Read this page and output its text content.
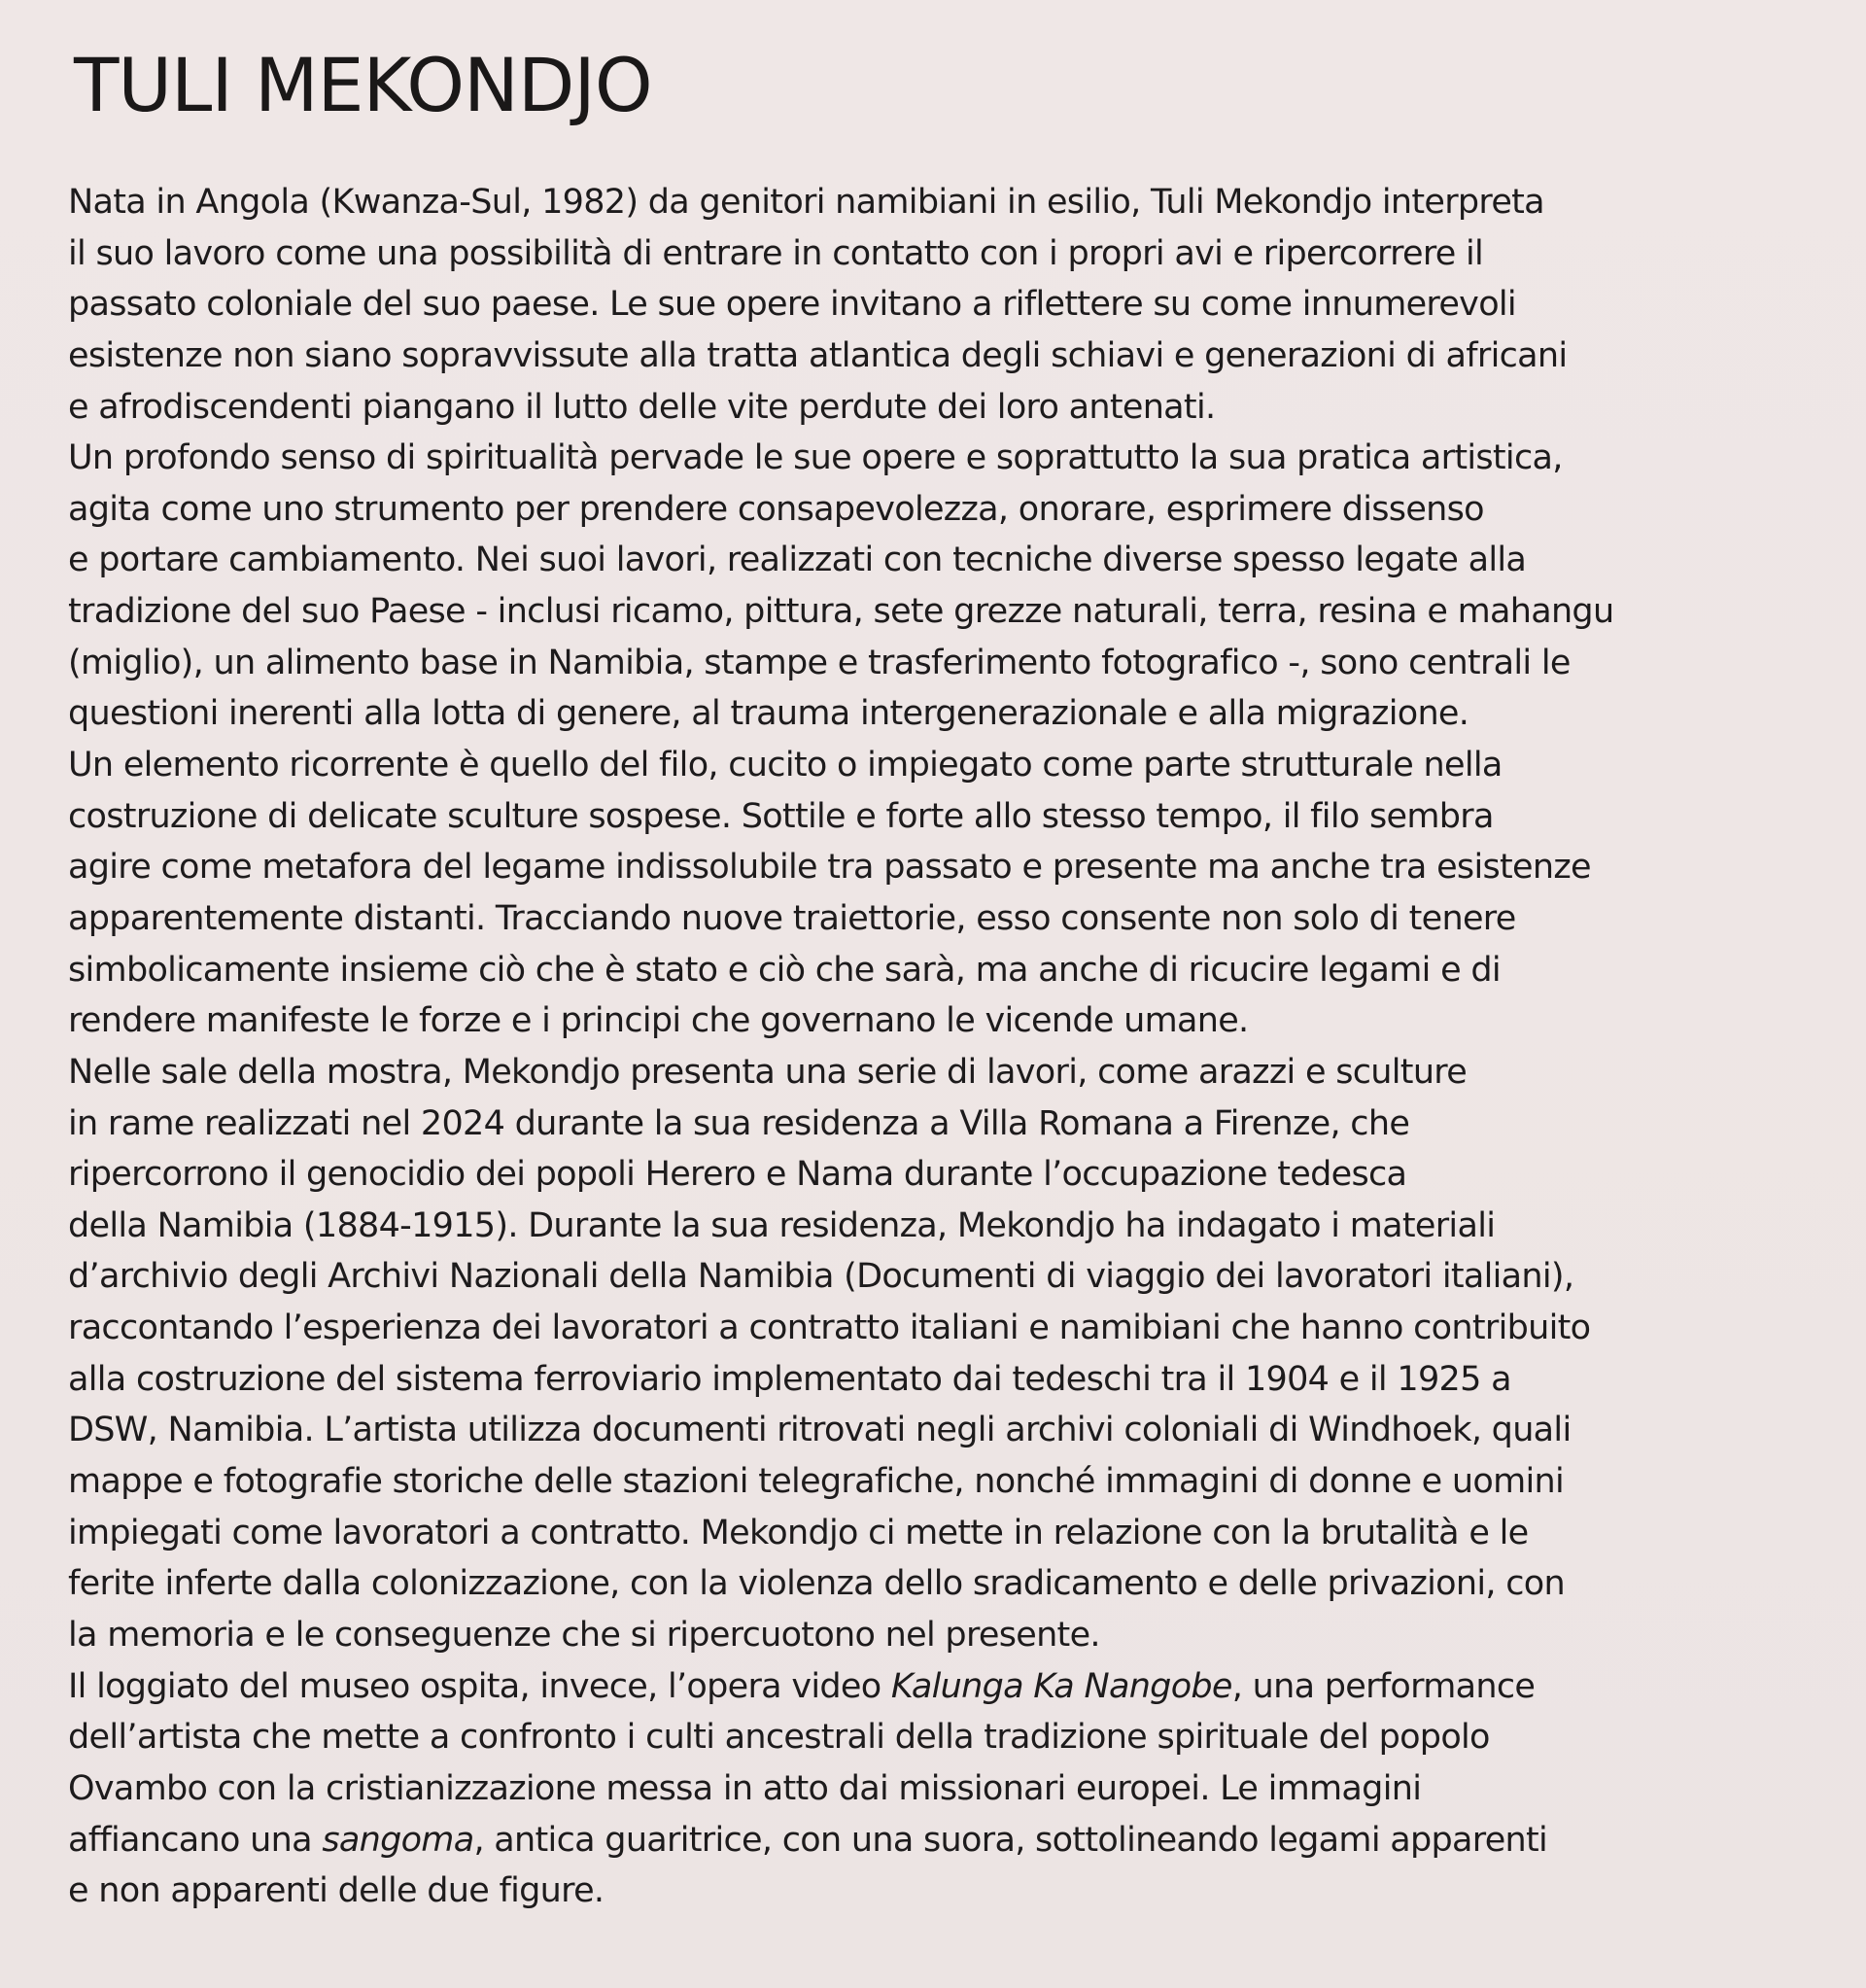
TULI MEKONDJO
Nata in Angola (Kwanza-Sul, 1982) da genitori namibiani in esilio, Tuli Mekondjo interpreta
il suo lavoro come una possibilità di entrare in contatto con i propri avi e ripercorrere il
passato coloniale del suo paese. Le sue opere invitano a riflettere su come innumerevoli
esistenze non siano sopravvissute alla tratta atlantica degli schiavi e generazioni di africani
e afrodiscendenti piangano il lutto delle vite perdute dei loro antenati.
Un profondo senso di spiritualità pervade le sue opere e soprattutto la sua pratica artistica,
agita come uno strumento per prendere consapevolezza, onorare, esprimere dissenso
e portare cambiamento. Nei suoi lavori, realizzati con tecniche diverse spesso legate alla
tradizione del suo Paese - inclusi ricamo, pittura, sete grezze naturali, terra, resina e mahangu
(miglio), un alimento base in Namibia, stampe e trasferimento fotografico -, sono centrali le
questioni inerenti alla lotta di genere, al trauma intergenerazionale e alla migrazione.
Un elemento ricorrente è quello del filo, cucito o impiegato come parte strutturale nella
costruzione di delicate sculture sospese. Sottile e forte allo stesso tempo, il filo sembra
agire come metafora del legame indissolubile tra passato e presente ma anche tra esistenze
apparentemente distanti. Tracciando nuove traiettorie, esso consente non solo di tenere
simbolicamente insieme ciò che è stato e ciò che sarà, ma anche di ricucire legami e di
rendere manifeste le forze e i principi che governano le vicende umane.
Nelle sale della mostra, Mekondjo presenta una serie di lavori, come arazzi e sculture
in rame realizzati nel 2024 durante la sua residenza a Villa Romana a Firenze, che
ripercorrono il genocidio dei popoli Herero e Nama durante l’occupazione tedesca
della Namibia (1884-1915). Durante la sua residenza, Mekondjo ha indagato i materiali
d’archivio degli Archivi Nazionali della Namibia (Documenti di viaggio dei lavoratori italiani),
raccontando l’esperienza dei lavoratori a contratto italiani e namibiani che hanno contribuito
alla costruzione del sistema ferroviario implementato dai tedeschi tra il 1904 e il 1925 a
DSW, Namibia. L’artista utilizza documenti ritrovati negli archivi coloniali di Windhoek, quali
mappe e fotografie storiche delle stazioni telegrafiche, nonché immagini di donne e uomini
impiegati come lavoratori a contratto. Mekondjo ci mette in relazione con la brutalità e le
ferite inferte dalla colonizzazione, con la violenza dello sradicamento e delle privazioni, con
la memoria e le conseguenze che si ripercuotono nel presente.
Il loggiato del museo ospita, invece, l’opera video Kalunga Ka Nangobe, una performance
dell’artista che mette a confronto i culti ancestrali della tradizione spirituale del popolo
Ovambo con la cristianizzazione messa in atto dai missionari europei. Le immagini
affiancano una sangoma, antica guaritrice, con una suora, sottolineando legami apparenti
e non apparenti delle due figure.
